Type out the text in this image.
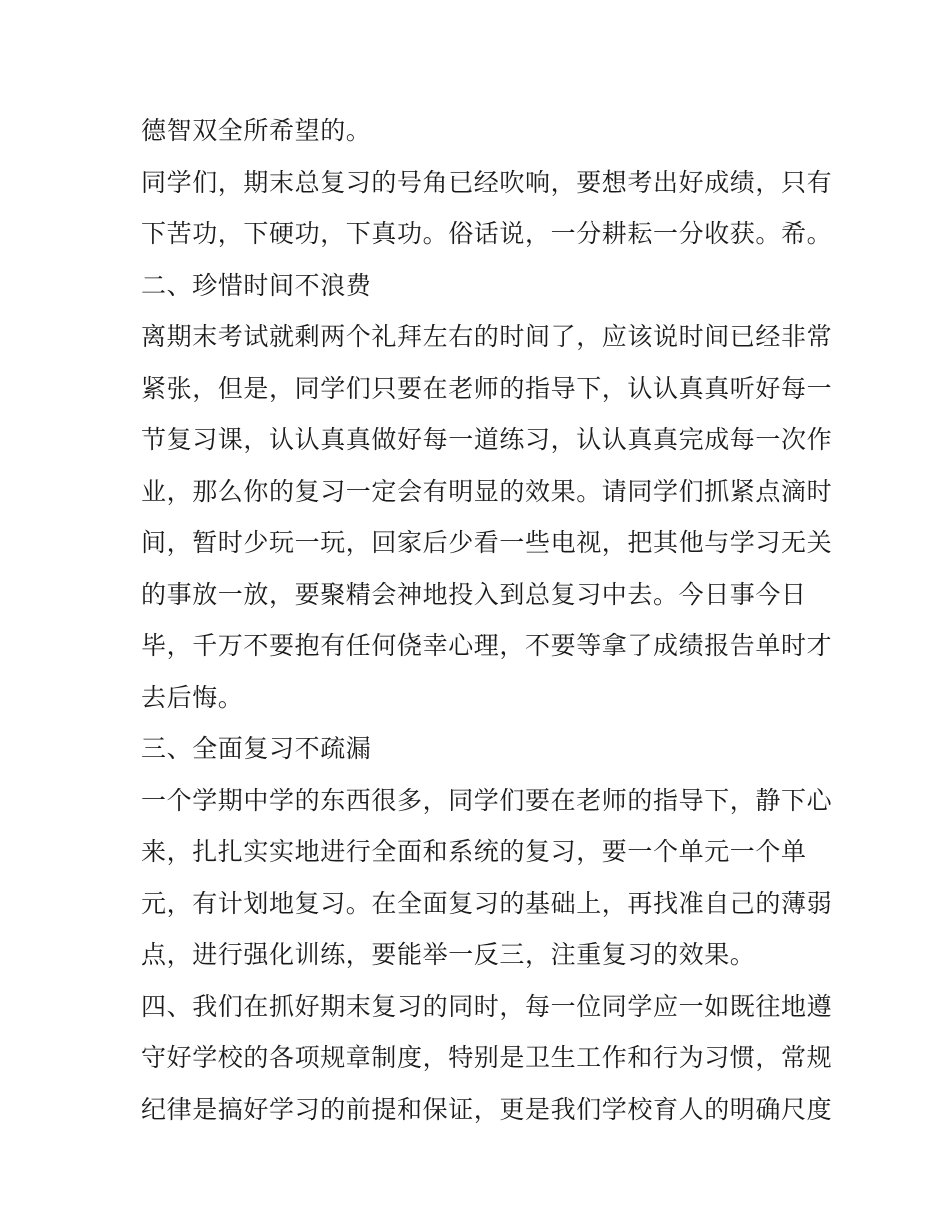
德智双全所希望的。
同学们，期末总复习的号角已经吹响，要想考出好成绩，只有
下苦功，下硬功，下真功。俗话说，一分耕耘一分收获。希。
二、珍惜时间不浪费
离期末考试就剩两个礼拜左右的时间了，应该说时间已经非常
紧张，但是，同学们只要在老师的指导下，认认真真听好每一
节复习课，认认真真做好每一道练习，认认真真完成每一次作
业，那么你的复习一定会有明显的效果。请同学们抓紧点滴时
间，暂时少玩一玩，回家后少看一些电视，把其他与学习无关
的事放一放，要聚精会神地投入到总复习中去。今日事今日
毕，千万不要抱有任何侥幸心理，不要等拿了成绩报告单时才
去后悔。
三、全面复习不疏漏
一个学期中学的东西很多，同学们要在老师的指导下，静下心
来，扎扎实实地进行全面和系统的复习，要一个单元一个单
元，有计划地复习。在全面复习的基础上，再找准自己的薄弱
点，进行强化训练，要能举一反三，注重复习的效果。
四、我们在抓好期末复习的同时，每一位同学应一如既往地遵
守好学校的各项规章制度，特别是卫生工作和行为习惯，常规
纪律是搞好学习的前提和保证，更是我们学校育人的明确尺度
